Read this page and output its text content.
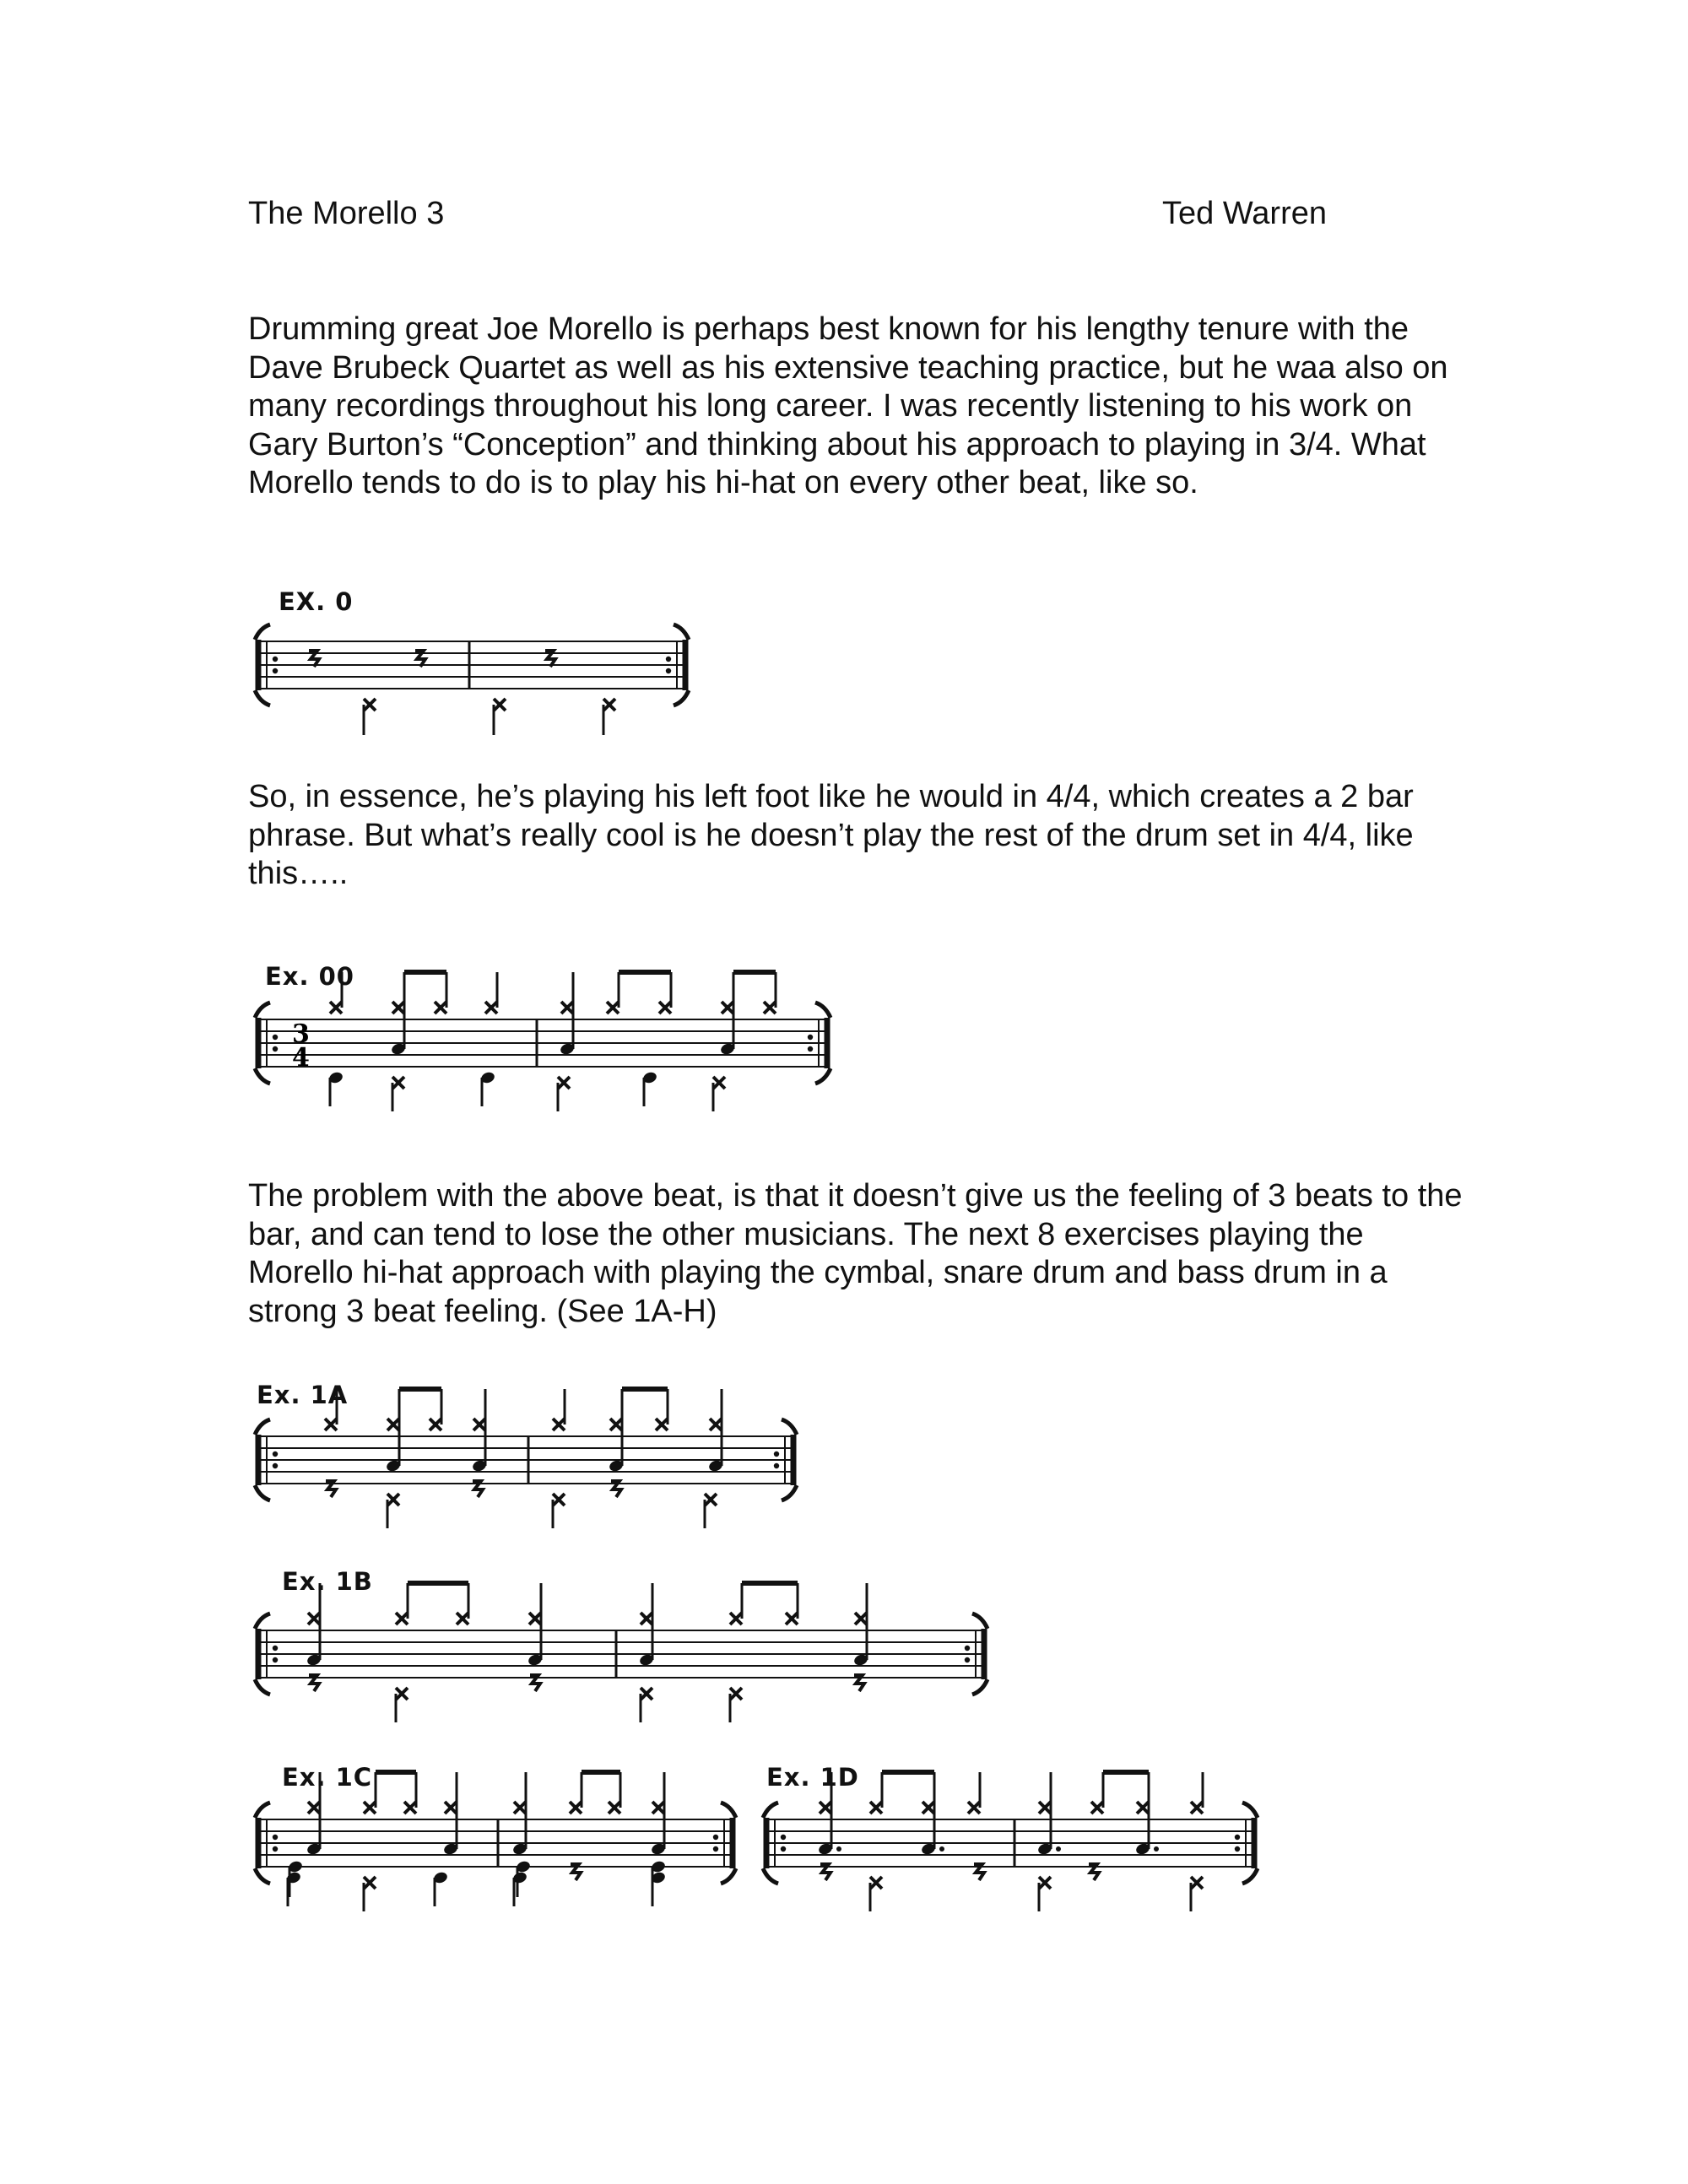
The Morello 3	Ted Warren

Drumming great Joe Morello is perhaps best known for his lengthy tenure with the Dave Brubeck Quartet as well as his extensive teaching practice, but he waa also on many recordings throughout his long career. I was recently listening to his work on Gary Burton’s “Conception” and thinking about his approach to playing in 3/4. What Morello tends to do is to play his hi-hat on every other beat, like so.

So, in essence, he’s playing his left foot like he would in 4/4, which creates a 2 bar phrase. But what’s really cool is he doesn’t play the rest of the drum set in 4/4, like this…..

The problem with the above beat, is that it doesn’t give us the feeling of 3 beats to the bar, and can tend to lose the other musicians. The next 8 exercises playing the Morello hi-hat approach with playing the cymbal, snare drum and bass drum in a strong 3 beat feeling. (See 1A-H)

EX. 0
Ex. 00
Ex. 1A
Ex. 1B
Ex. 1C	Ex. 1D
3
4
